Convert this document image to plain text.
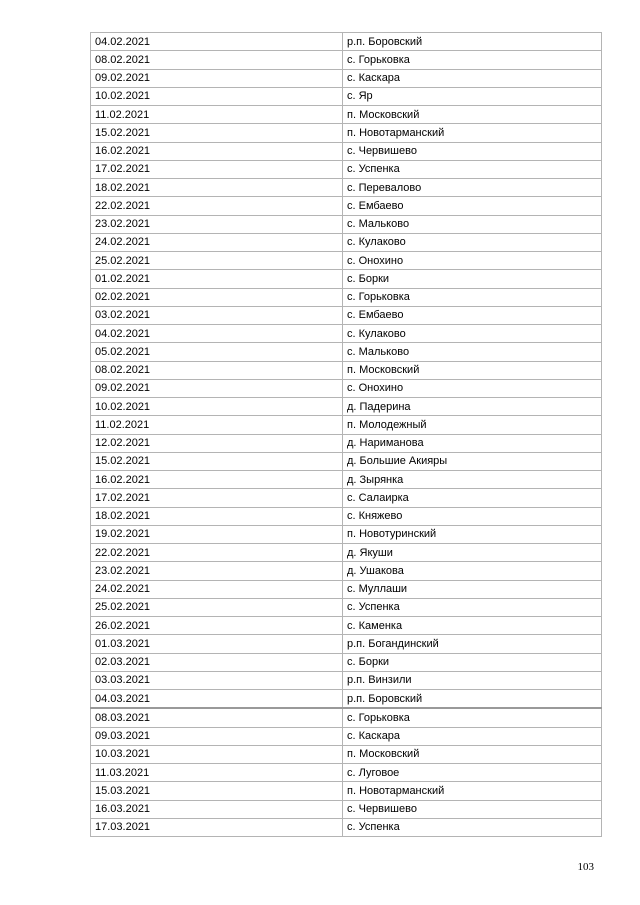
04.02.2021	р.п. Боровский
08.02.2021	с. Горьковка
09.02.2021	с. Каскара
10.02.2021	с. Яр
11.02.2021	п. Московский
15.02.2021	п. Новотарманский
16.02.2021	с. Червишево
17.02.2021	с. Успенка
18.02.2021	с. Перевалово
22.02.2021	с. Ембаево
23.02.2021	с. Мальково
24.02.2021	с. Кулаково
25.02.2021	с. Онохино
01.02.2021	с. Борки
02.02.2021	с. Горьковка
03.02.2021	с. Ембаево
04.02.2021	с. Кулаково
05.02.2021	с. Мальково
08.02.2021	п. Московский
09.02.2021	с. Онохино
10.02.2021	д. Падерина
11.02.2021	п. Молодежный
12.02.2021	д. Нариманова
15.02.2021	д. Большие Акияры
16.02.2021	д. Зырянка
17.02.2021	с. Салаирка
18.02.2021	с. Княжево
19.02.2021	п. Новотуринский
22.02.2021	д. Якуши
23.02.2021	д. Ушакова
24.02.2021	с. Муллаши
25.02.2021	с. Успенка
26.02.2021	с. Каменка
01.03.2021	р.п. Богандинский
02.03.2021	с. Борки
03.03.2021	р.п. Винзили
04.03.2021	р.п. Боровский
08.03.2021	с. Горьковка
09.03.2021	с. Каскара
10.03.2021	п. Московский
11.03.2021	с. Луговое
15.03.2021	п. Новотарманский
16.03.2021	с. Червишево
17.03.2021	с. Успенка
103
